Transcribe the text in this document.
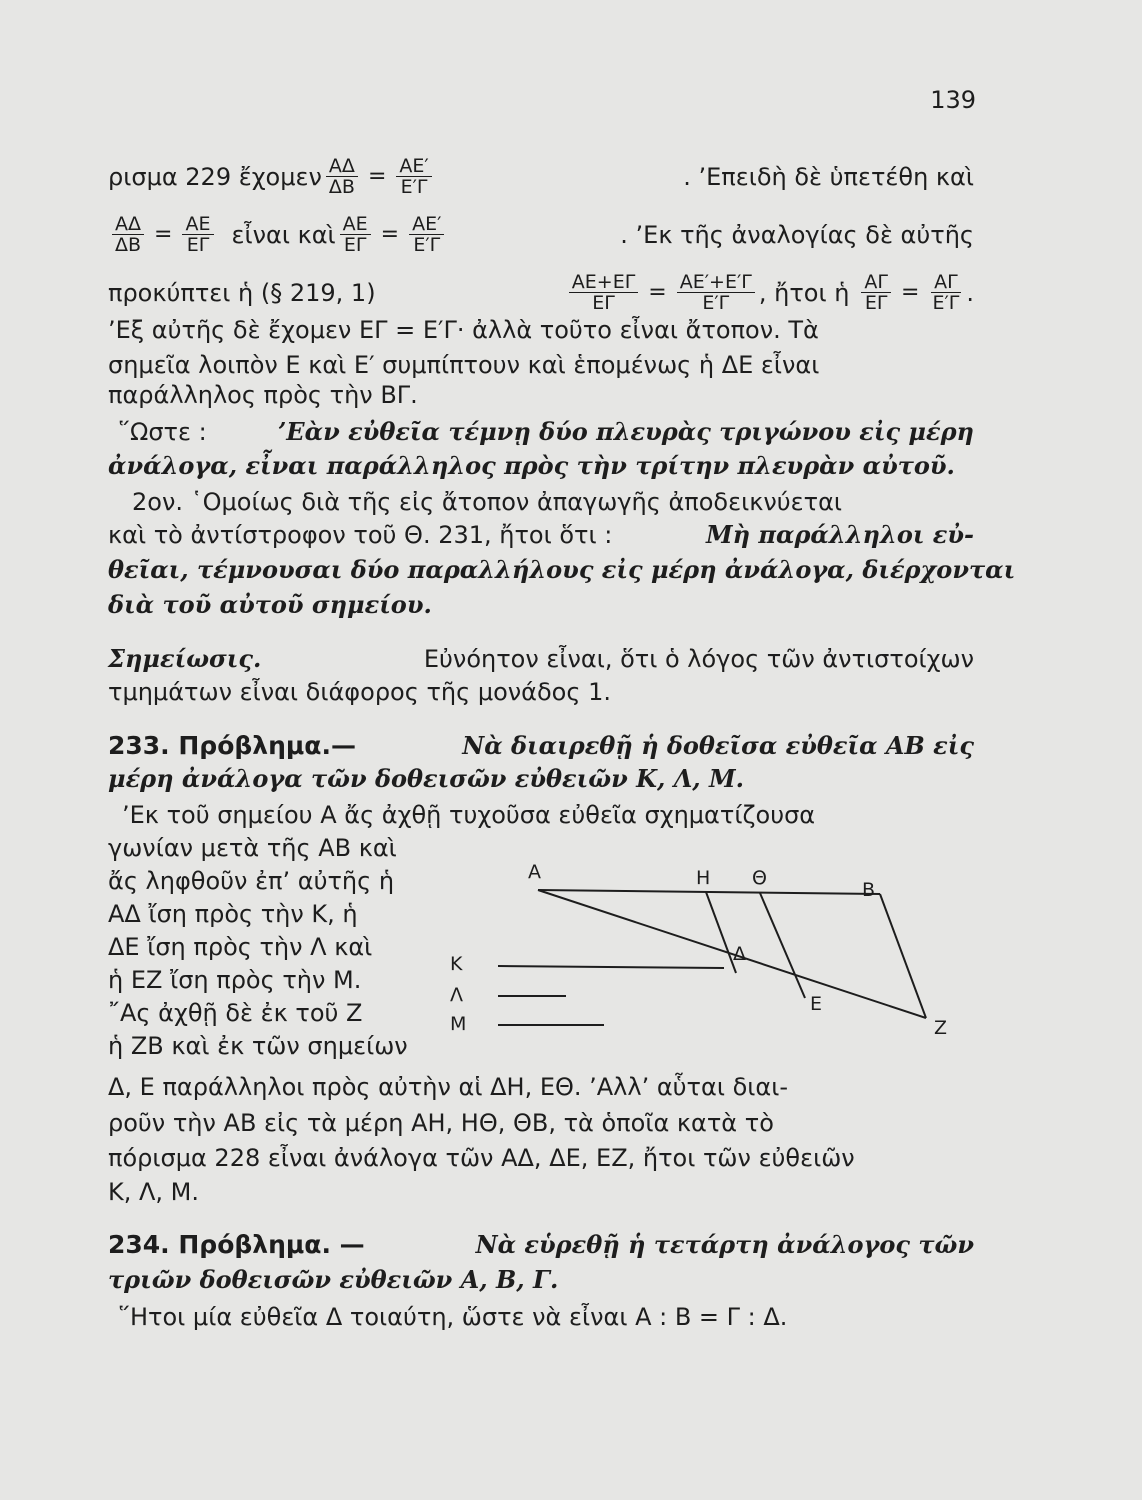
139
ρισμα 229 ἔχομεν $\frac{A\Delta}{\Delta B} = \frac{AE'}{E'\Gamma}$	. ’Επειδὴ δὲ ὑπετέθη καὶ
$\frac{A\Delta}{\Delta B} = \frac{AE}{E\Gamma}$ εἶναι καὶ $\frac{AE}{E\Gamma} = \frac{AE'}{E'\Gamma}$	. ’Εκ τῆς ἀναλογίας δὲ αὐτῆς
προκύπτει ἡ (§ 219, 1)	$\frac{AE+E\Gamma}{E\Gamma} = \frac{AE'+E'\Gamma}{E'\Gamma}$ , ἤτοι ἡ $\frac{A\Gamma}{E\Gamma} = \frac{A\Gamma}{E'\Gamma}$ .
’Εξ αὐτῆς δὲ ἔχομεν ΕΓ = Ε′Γ· ἀλλὰ τοῦτο εἶναι ἄτοπον. Τὰ
σημεῖα λοιπὸν Ε καὶ Ε′ συμπίπτουν καὶ ἑπομένως ἡ ΔΕ εἶναι
παράλληλος πρὸς τὴν ΒΓ.
῞Ωστε :	’Εὰν εὐθεῖα τέμνῃ δύο πλευρὰς τριγώνου εἰς μέρη
ἀνάλογα, εἶναι παράλληλος πρὸς τὴν τρίτην πλευρὰν αὐτοῦ.
2ον. ῾Ομοίως διὰ τῆς εἰς ἄτοπον ἀπαγωγῆς ἀποδεικνύεται
καὶ τὸ ἀντίστροφον τοῦ Θ. 231, ἤτοι ὅτι :	Μὴ παράλληλοι εὐ-
θεῖαι, τέμνουσαι δύο παραλλήλους εἰς μέρη ἀνάλογα, διέρχονται
διὰ τοῦ αὐτοῦ σημείου.
Σημείωσις.	Εὐνόητον εἶναι, ὅτι ὁ λόγος τῶν ἀντιστοίχων
τμημάτων εἶναι διάφορος τῆς μονάδος 1.
233. Πρόβλημα.—	Νὰ διαιρεθῇ ἡ δοθεῖσα εὐθεῖα ΑΒ εἰς
μέρη ἀνάλογα τῶν δοθεισῶν εὐθειῶν Κ, Λ, Μ.
’Εκ τοῦ σημείου Α ἄς ἀχθῇ τυχοῦσα εὐθεῖα σχηματίζουσα
γωνίαν μετὰ τῆς ΑΒ καὶ
ἄς ληφθοῦν ἐπ’ αὐτῆς ἡ
ΑΔ ἴση πρὸς τὴν Κ, ἡ
ΔΕ ἴση πρὸς τὴν Λ καὶ
ἡ ΕΖ ἴση πρὸς τὴν Μ.
῎Ας ἀχθῇ δὲ ἐκ τοῦ Ζ
ἡ ΖΒ καὶ ἐκ τῶν σημείων
Α	Η Θ
Β
Κ
Λ
Μ
Δ
Ε
Ζ
Δ, Ε παράλληλοι πρὸς αὐτὴν αἱ ΔΗ, ΕΘ. ’Αλλ’ αὗται διαι-
ροῦν τὴν ΑΒ εἰς τὰ μέρη ΑΗ, ΗΘ, ΘΒ, τὰ ὁποῖα κατὰ τὸ
πόρισμα 228 εἶναι ἀνάλογα τῶν ΑΔ, ΔΕ, ΕΖ, ἤτοι τῶν εὐθειῶν
Κ, Λ, Μ.
234. Πρόβλημα. —	Νὰ εὑρεθῇ ἡ τετάρτη ἀνάλογος τῶν
τριῶν δοθεισῶν εὐθειῶν Α, Β, Γ.
῞Ητοι μία εὐθεῖα Δ τοιαύτη, ὥστε νὰ εἶναι Α : Β = Γ : Δ.
